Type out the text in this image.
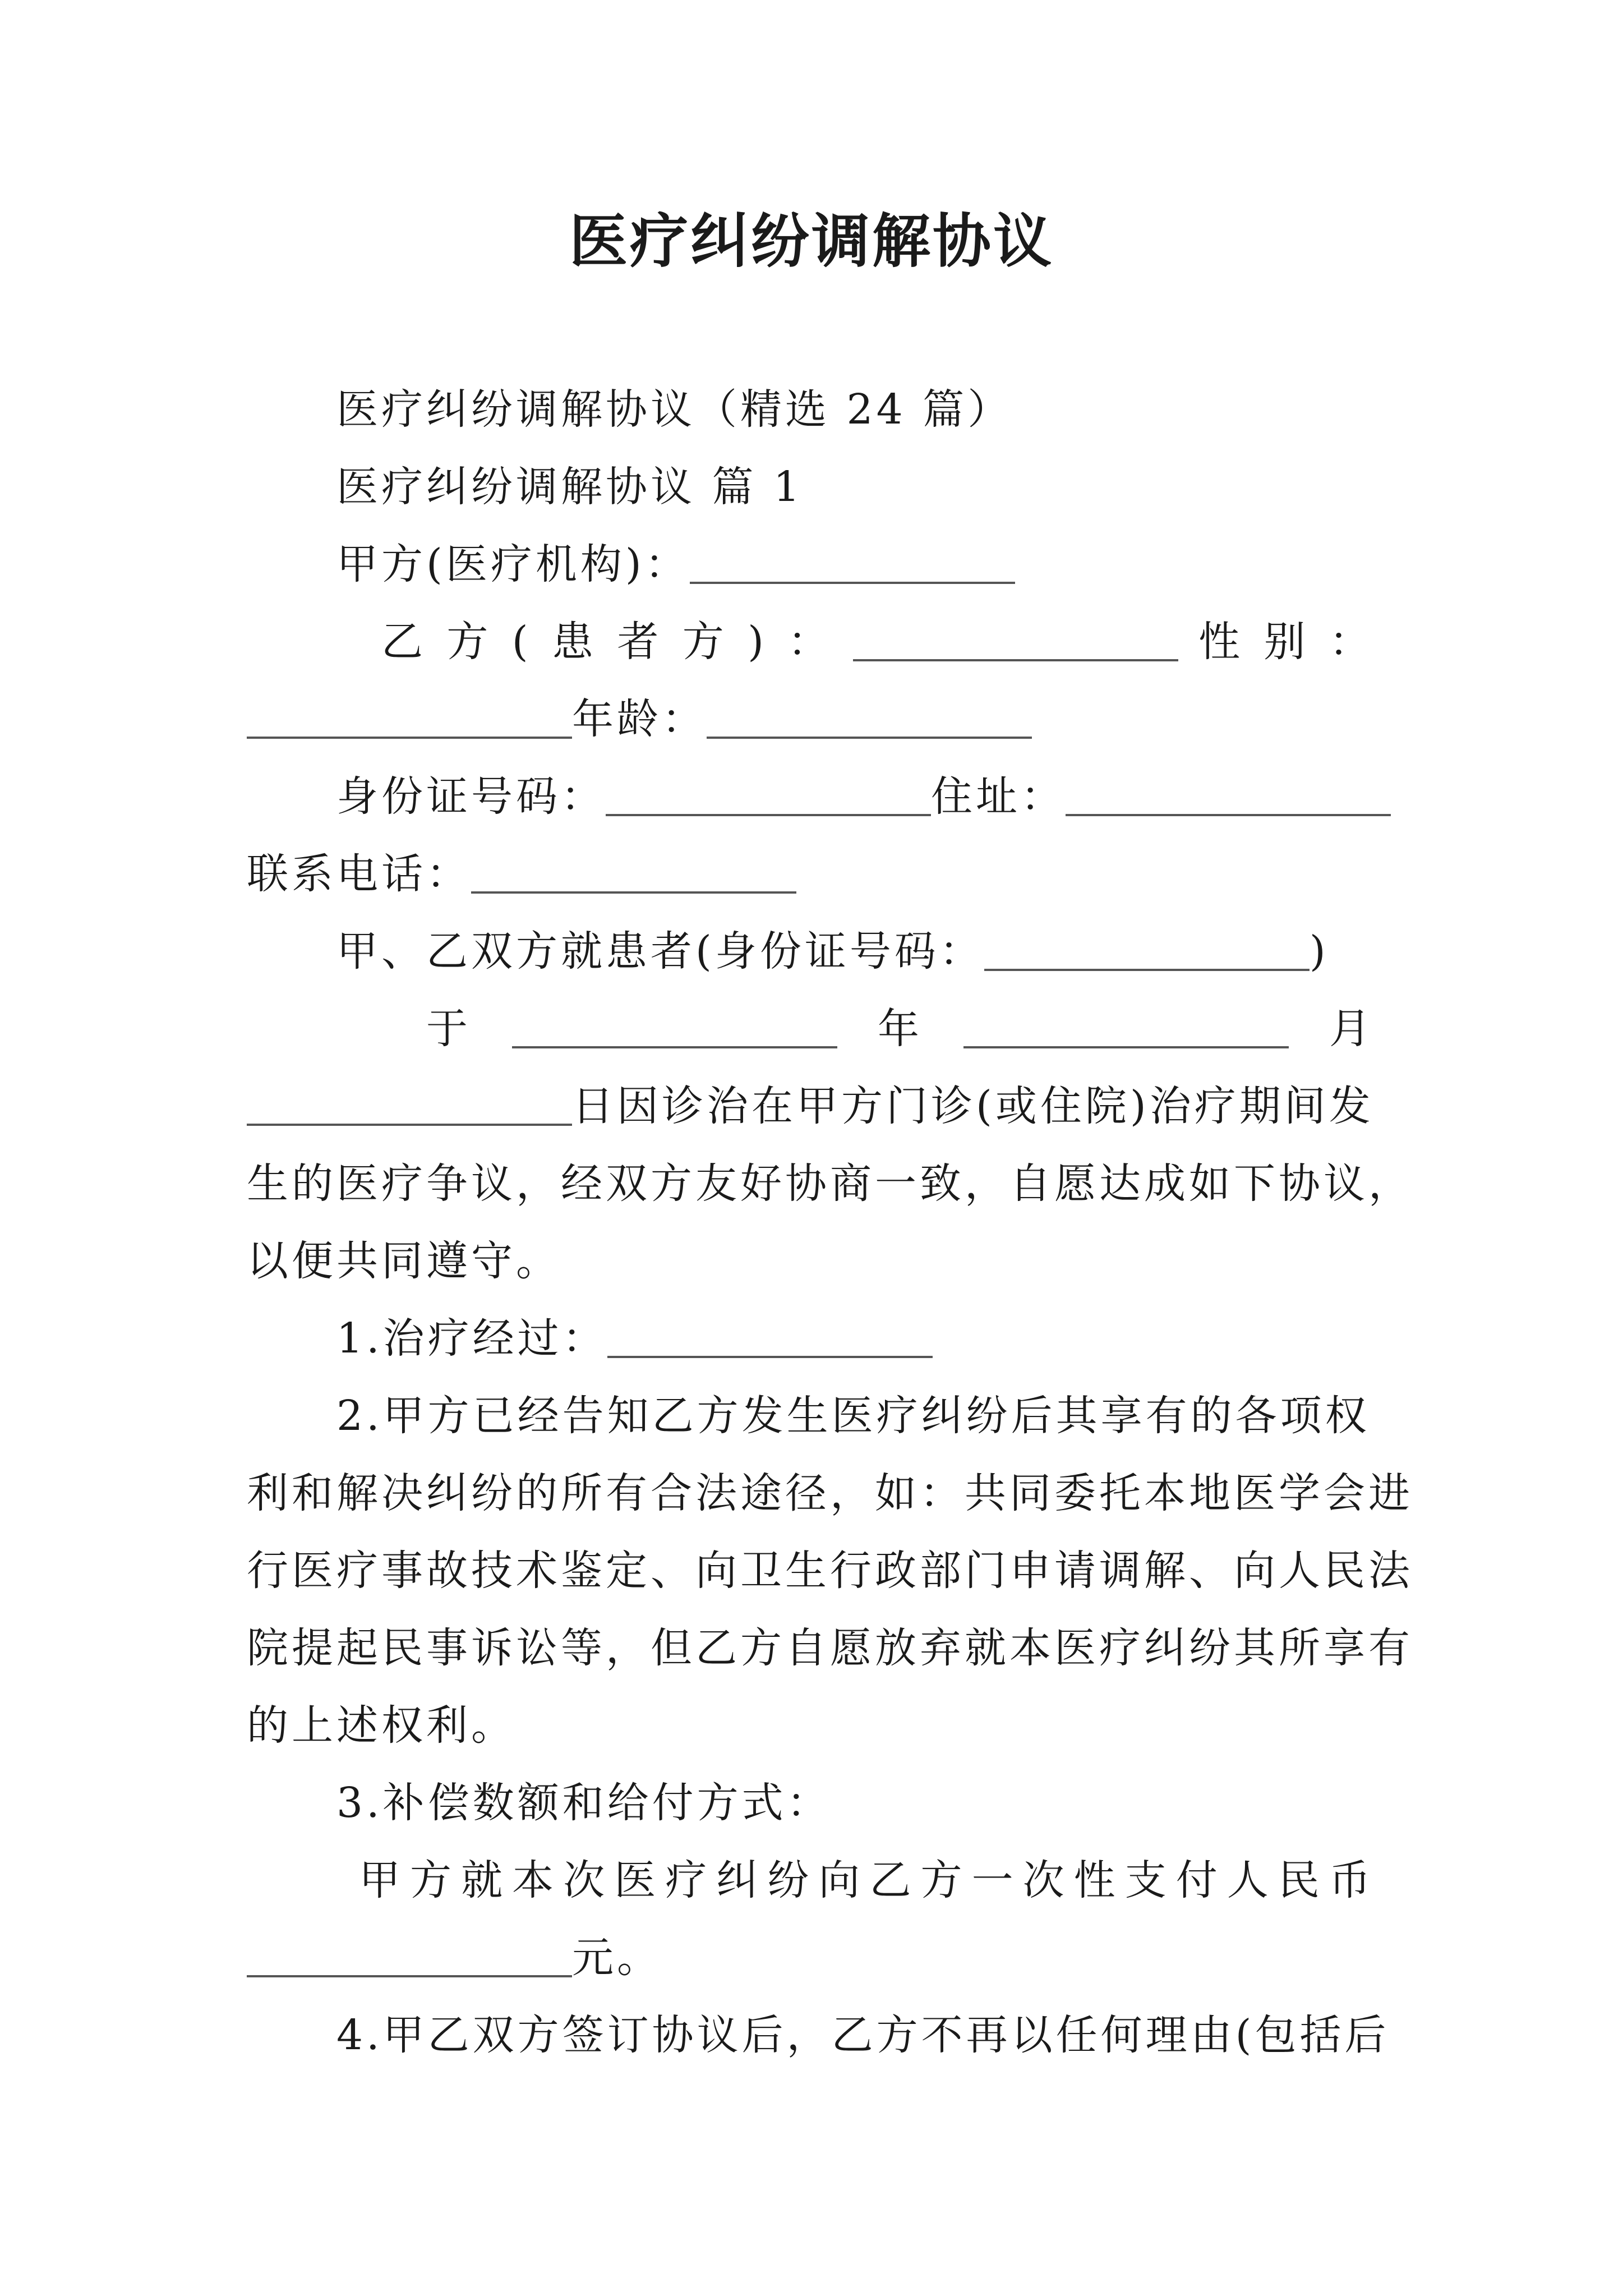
医疗纠纷调解协议
医疗纠纷调解协议（精选 24 篇）
医疗纠纷调解协议 篇 1
甲方(医疗机构)：
乙 方 ( 患 者 方 ) ：	性 别 ：
年龄：
身份证号码：	住址：
联系电话：
甲、乙双方就患者(身份证号码：	)
于	年	月
日因诊治在甲方门诊(或住院)治疗期间发
生的医疗争议，经双方友好协商一致，自愿达成如下协议，
以便共同遵守。
1.治疗经过：
2.甲方已经告知乙方发生医疗纠纷后其享有的各项权
利和解决纠纷的所有合法途径，如：共同委托本地医学会进
行医疗事故技术鉴定、向卫生行政部门申请调解、向人民法
院提起民事诉讼等，但乙方自愿放弃就本医疗纠纷其所享有
的上述权利。
3.补偿数额和给付方式：
甲 方 就 本 次 医 疗 纠 纷 向 乙 方 一 次 性 支 付 人 民 币
元。
4.甲乙双方签订协议后，乙方不再以任何理由(包括后
